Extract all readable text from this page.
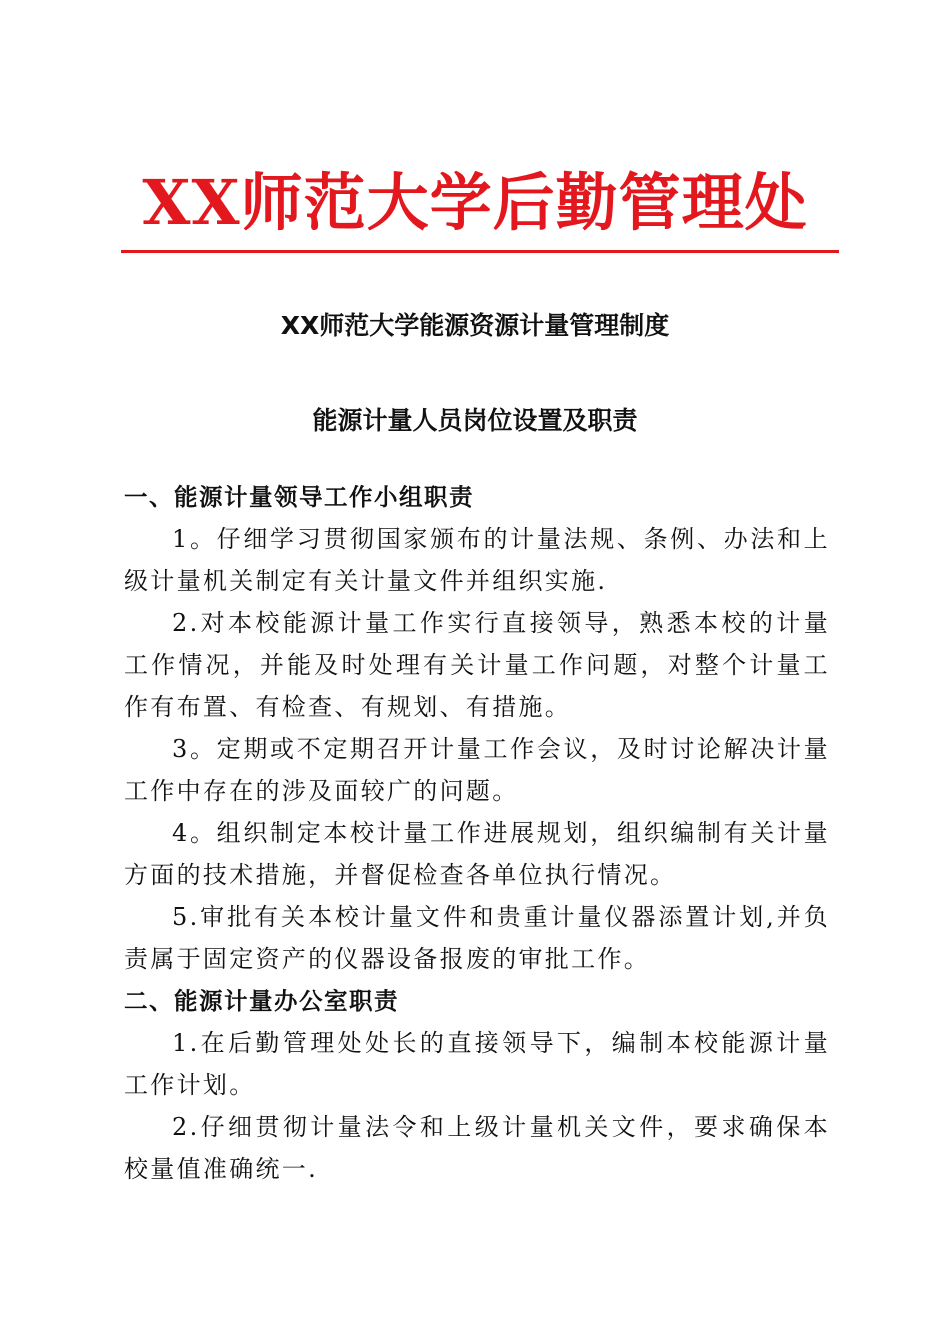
XX师范大学后勤管理处
XX师范大学能源资源计量管理制度
能源计量人员岗位设置及职责

一、能源计量领导工作小组职责

1。仔细学习贯彻国家颁布的计量法规、条例、办法和上级计量机关制定有关计量文件并组织实施.

2.对本校能源计量工作实行直接领导，熟悉本校的计量工作情况，并能及时处理有关计量工作问题，对整个计量工作有布置、有检查、有规划、有措施。

3。定期或不定期召开计量工作会议，及时讨论解决计量工作中存在的涉及面较广的问题。

4。组织制定本校计量工作进展规划，组织编制有关计量方面的技术措施，并督促检查各单位执行情况。

5.审批有关本校计量文件和贵重计量仪器添置计划,并负责属于固定资产的仪器设备报废的审批工作。

二、能源计量办公室职责

1.在后勤管理处处长的直接领导下，编制本校能源计量工作计划。

2.仔细贯彻计量法令和上级计量机关文件，要求确保本校量值准确统一.
